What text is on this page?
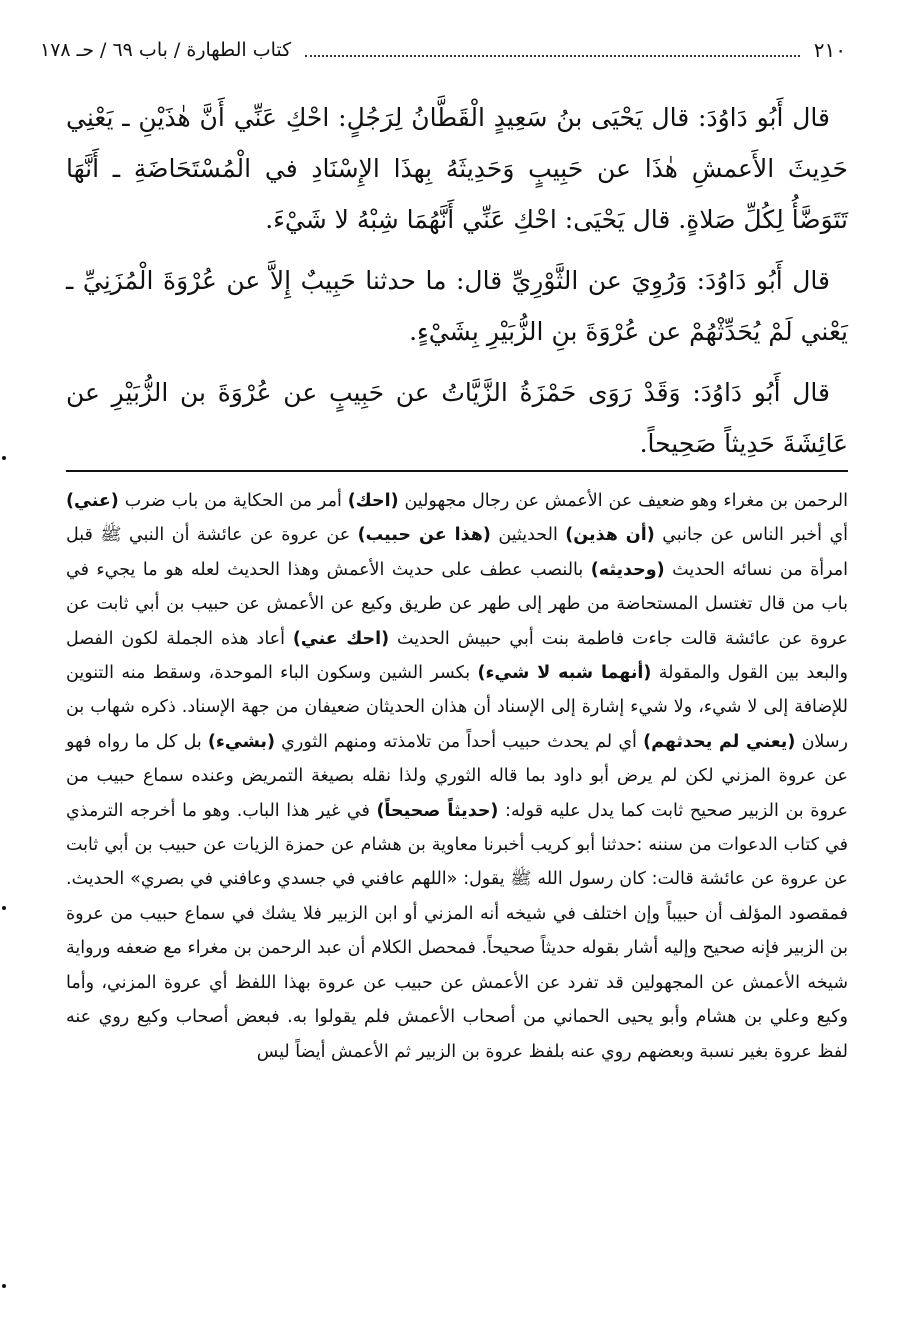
٢١٠
كتاب الطهارة / باب ٦٩ / حـ ١٧٨

قال أَبُو دَاوُدَ: قال يَحْيَى بنُ سَعِيدٍ الْقَطَّانُ لِرَجُلٍ: احْكِ عَنِّي أَنَّ هٰذَيْنِ ـ يَعْنِي حَدِيثَ الأَعمشِ هٰذَا عن حَبِيبٍ وَحَدِيثَهُ بِهذَا الإِسْنَادِ في الْمُسْتَحَاضَةِ ـ أَنَّهَا تَتَوَضَّأُ لِكُلِّ صَلاةٍ. قال يَحْيَى: احْكِ عَنِّي أَنَّهُمَا شِبْهُ لا شَيْءَ.

قال أَبُو دَاوُدَ: وَرُوِيَ عن الثَّوْرِيِّ قال: ما حدثنا حَبِيبٌ إِلاَّ عن عُرْوَةَ الْمُزَنِيِّ ـ يَعْني لَمْ يُحَدِّثْهُمْ عن عُرْوَةَ بنِ الزُّبَيْرِ بِشَيْءٍ.

قال أَبُو دَاوُدَ: وَقَدْ رَوَى حَمْزَةُ الزَّيَّاتُ عن حَبِيبٍ عن عُرْوَةَ بن الزُّبَيْرِ عن عَائِشَةَ حَدِيثاً صَحِيحاً.

الرحمن بن مغراء وهو ضعيف عن الأعمش عن رجال مجهولين (احك) أمر من الحكاية من باب ضرب (عني) أي أخبر الناس عن جانبي (أن هذين) الحديثين (هذا عن حبيب) عن عروة عن عائشة أن النبي ﷺ قبل امرأة من نسائه الحديث (وحديثه) بالنصب عطف على حديث الأعمش وهذا الحديث لعله هو ما يجيء في باب من قال تغتسل المستحاضة من طهر إلى طهر عن طريق وكيع عن الأعمش عن حبيب بن أبي ثابت عن عروة عن عائشة قالت جاءت فاطمة بنت أبي حبيش الحديث (احك عني) أعاد هذه الجملة لكون الفصل والبعد بين القول والمقولة (أنهما شبه لا شيء) بكسر الشين وسكون الباء الموحدة، وسقط منه التنوين للإضافة إلى لا شيء، ولا شيء إشارة إلى الإسناد أن هذان الحديثان ضعيفان من جهة الإسناد. ذكره شهاب بن رسلان (يعني لم يحدثهم) أي لم يحدث حبيب أحداً من تلامذته ومنهم الثوري (بشيء) بل كل ما رواه فهو عن عروة المزني لكن لم يرض أبو داود بما قاله الثوري ولذا نقله بصيغة التمريض وعنده سماع حبيب من عروة بن الزبير صحيح ثابت كما يدل عليه قوله: (حديثاً صحيحاً) في غير هذا الباب. وهو ما أخرجه الترمذي في كتاب الدعوات من سننه :حدثنا أبو كريب أخبرنا معاوية بن هشام عن حمزة الزيات عن حبيب بن أبي ثابت عن عروة عن عائشة قالت: كان رسول الله ﷺ يقول: «اللهم عافني في جسدي وعافني في بصري» الحديث. فمقصود المؤلف أن حبيباً وإن اختلف في شيخه أنه المزني أو ابن الزبير فلا يشك في سماع حبيب من عروة بن الزبير فإنه صحيح وإليه أشار بقوله حديثاً صحيحاً. فمحصل الكلام أن عبد الرحمن بن مغراء مع ضعفه ورواية شيخه الأعمش عن المجهولين قد تفرد عن الأعمش عن حبيب عن عروة بهذا اللفظ أي عروة المزني، وأما وكيع وعلي بن هشام وأبو يحيى الحماني من أصحاب الأعمش فلم يقولوا به. فبعض أصحاب وكيع روي عنه لفظ عروة بغير نسبة وبعضهم روي عنه بلفظ عروة بن الزبير ثم الأعمش أيضاً ليس
